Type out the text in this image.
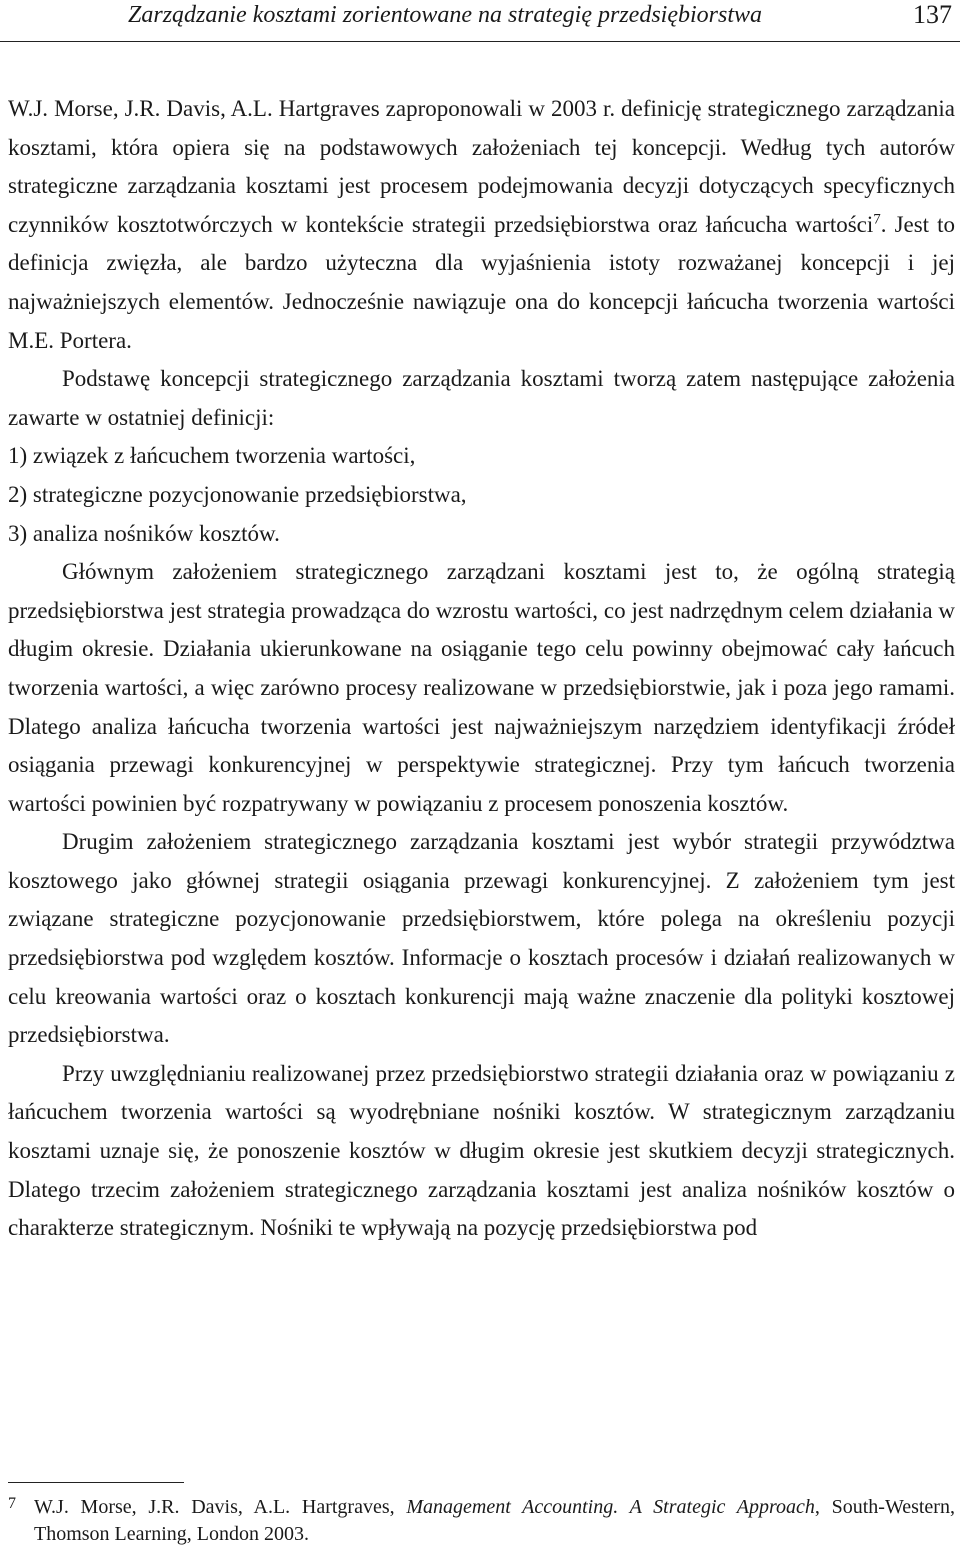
Zarządzanie kosztami zorientowane na strategię przedsiębiorstwa	137

W.J. Morse, J.R. Davis, A.L. Hartgraves zaproponowali w 2003 r. definicję strategicznego zarządzania kosztami, która opiera się na podstawowych założeniach tej koncepcji. Według tych autorów strategiczne zarządzania kosztami jest procesem podejmowania decyzji dotyczących specyficznych czynników kosztotwórczych w kontekście strategii przedsiębiorstwa oraz łańcucha wartości$^7$. Jest to definicja zwięzła, ale bardzo użyteczna dla wyjaśnienia istoty rozważanej koncepcji i jej najważniejszych elementów. Jednocześnie nawiązuje ona do koncepcji łańcucha tworzenia wartości M.E. Portera.

Podstawę koncepcji strategicznego zarządzania kosztami tworzą zatem następujące założenia zawarte w ostatniej definicji:

1) związek z łańcuchem tworzenia wartości,

2) strategiczne pozycjonowanie przedsiębiorstwa,

3) analiza nośników kosztów.

Głównym założeniem strategicznego zarządzani kosztami jest to, że ogólną strategią przedsiębiorstwa jest strategia prowadząca do wzrostu wartości, co jest nadrzędnym celem działania w długim okresie. Działania ukierunkowane na osiąganie tego celu powinny obejmować cały łańcuch tworzenia wartości, a więc zarówno procesy realizowane w przedsiębiorstwie, jak i poza jego ramami. Dlatego analiza łańcucha tworzenia wartości jest najważniejszym narzędziem identyfikacji źródeł osiągania przewagi konkurencyjnej w perspektywie strategicznej. Przy tym łańcuch tworzenia wartości powinien być rozpatrywany w powiązaniu z procesem ponoszenia kosztów.

Drugim założeniem strategicznego zarządzania kosztami jest wybór strategii przywództwa kosztowego jako głównej strategii osiągania przewagi konkurencyjnej. Z założeniem tym jest związane strategiczne pozycjonowanie przedsiębiorstwem, które polega na określeniu pozycji przedsiębiorstwa pod względem kosztów. Informacje o kosztach procesów i działań realizowanych w celu kreowania wartości oraz o kosztach konkurencji mają ważne znaczenie dla polityki kosztowej przedsiębiorstwa.

Przy uwzględnianiu realizowanej przez przedsiębiorstwo strategii działania oraz w powiązaniu z łańcuchem tworzenia wartości są wyodrębniane nośniki kosztów. W strategicznym zarządzaniu kosztami uznaje się, że ponoszenie kosztów w długim okresie jest skutkiem decyzji strategicznych. Dlatego trzecim założeniem strategicznego zarządzania kosztami jest analiza nośników kosztów o charakterze strategicznym. Nośniki te wpływają na pozycję przedsiębiorstwa pod

7 W.J. Morse, J.R. Davis, A.L. Hartgraves, Management Accounting. A Strategic Approach, South-Western, Thomson Learning, London 2003.
